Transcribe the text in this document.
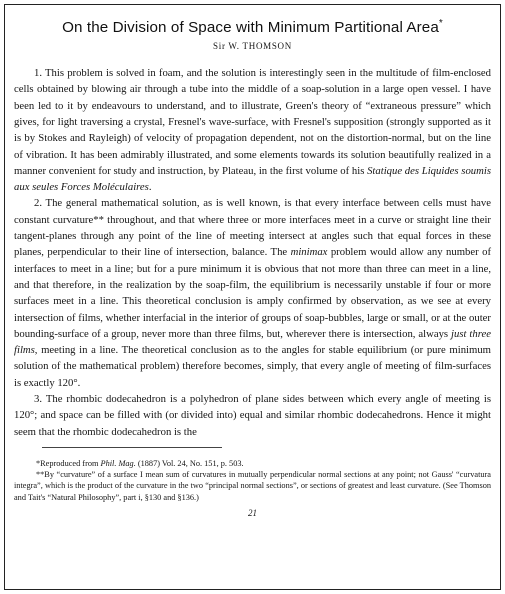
On the Division of Space with Minimum Partitional Area*
Sir W. THOMSON

1. This problem is solved in foam, and the solution is interestingly seen in the multitude of film-enclosed cells obtained by blowing air through a tube into the middle of a soap-solution in a large open vessel. I have been led to it by endeavours to understand, and to illustrate, Green's theory of “extraneous pressure” which gives, for light traversing a crystal, Fresnel's wave-surface, with Fresnel's supposition (strongly supported as it is by Stokes and Rayleigh) of velocity of propagation dependent, not on the distortion-normal, but on the line of vibration. It has been admirably illustrated, and some elements towards its solution beautifully realized in a manner convenient for study and instruction, by Plateau, in the first volume of his Statique des Liquides soumis aux seules Forces Moléculaires.

2. The general mathematical solution, as is well known, is that every interface between cells must have constant curvature** throughout, and that where three or more interfaces meet in a curve or straight line their tangent-planes through any point of the line of meeting intersect at angles such that equal forces in these planes, perpendicular to their line of intersection, balance. The minimax problem would allow any number of interfaces to meet in a line; but for a pure minimum it is obvious that not more than three can meet in a line, and that therefore, in the realization by the soap-film, the equilibrium is necessarily unstable if four or more surfaces meet in a line. This theoretical conclusion is amply confirmed by observation, as we see at every intersection of films, whether interfacial in the interior of groups of soap-bubbles, large or small, or at the outer bounding-surface of a group, never more than three films, but, wherever there is intersection, always just three films, meeting in a line. The theoretical conclusion as to the angles for stable equilibrium (or pure minimum solution of the mathematical problem) therefore becomes, simply, that every angle of meeting of film-surfaces is exactly 120°.

3. The rhombic dodecahedron is a polyhedron of plane sides between which every angle of meeting is 120°; and space can be filled with (or divided into) equal and similar rhombic dodecahedrons. Hence it might seem that the rhombic dodecahedron is the

*Reproduced from Phil. Mag. (1887) Vol. 24, No. 151, p. 503.

**By “curvature” of a surface I mean sum of curvatures in mutually perpendicular normal sections at any point; not Gauss' “curvatura integra”, which is the product of the curvature in the two “principal normal sections”, or sections of greatest and least curvature. (See Thomson and Tait's “Natural Philosophy”, part i, §130 and §136.)

21
